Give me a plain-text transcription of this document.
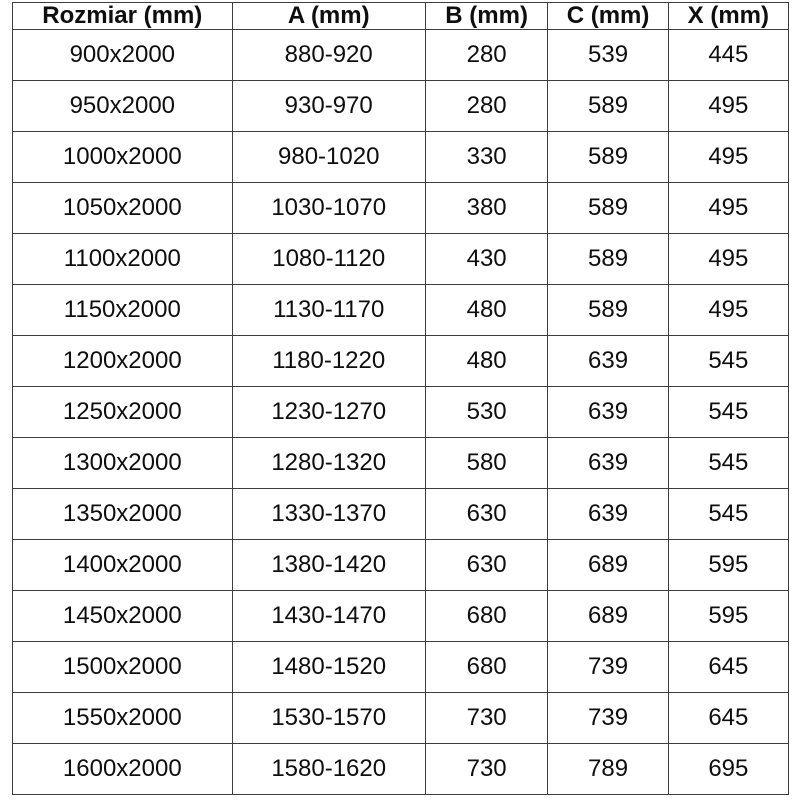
Rozmiar (mm)	A (mm)	B (mm)	C (mm)	X (mm)
900x2000	880-920	280	539	445
950x2000	930-970	280	589	495
1000x2000	980-1020	330	589	495
1050x2000	1030-1070	380	589	495
1100x2000	1080-1120	430	589	495
1150x2000	1130-1170	480	589	495
1200x2000	1180-1220	480	639	545
1250x2000	1230-1270	530	639	545
1300x2000	1280-1320	580	639	545
1350x2000	1330-1370	630	639	545
1400x2000	1380-1420	630	689	595
1450x2000	1430-1470	680	689	595
1500x2000	1480-1520	680	739	645
1550x2000	1530-1570	730	739	645
1600x2000	1580-1620	730	789	695
